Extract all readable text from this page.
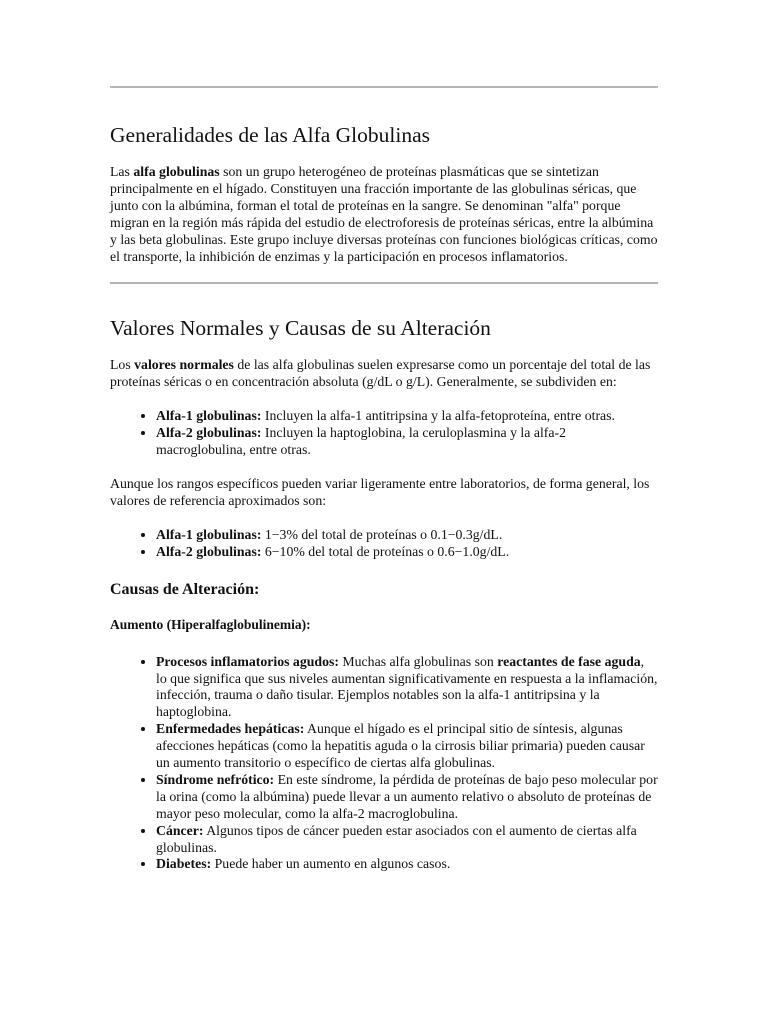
Generalidades de las Alfa Globulinas

Las alfa globulinas son un grupo heterogéneo de proteínas plasmáticas que se sintetizan principalmente en el hígado. Constituyen una fracción importante de las globulinas séricas, que junto con la albúmina, forman el total de proteínas en la sangre. Se denominan "alfa" porque migran en la región más rápida del estudio de electroforesis de proteínas séricas, entre la albúmina y las beta globulinas. Este grupo incluye diversas proteínas con funciones biológicas críticas, como el transporte, la inhibición de enzimas y la participación en procesos inflamatorios.

Valores Normales y Causas de su Alteración

Los valores normales de las alfa globulinas suelen expresarse como un porcentaje del total de las proteínas séricas o en concentración absoluta (g/dL o g/L). Generalmente, se subdividen en:

• Alfa-1 globulinas: Incluyen la alfa-1 antitripsina y la alfa-fetoproteína, entre otras.
• Alfa-2 globulinas: Incluyen la haptoglobina, la ceruloplasmina y la alfa-2 macroglobulina, entre otras.

Aunque los rangos específicos pueden variar ligeramente entre laboratorios, de forma general, los valores de referencia aproximados son:

• Alfa-1 globulinas: 1−3% del total de proteínas o 0.1−0.3g/dL.
• Alfa-2 globulinas: 6−10% del total de proteínas o 0.6−1.0g/dL.
Causas de Alteración:
Aumento (Hiperalfaglobulinemia):
• Procesos inflamatorios agudos: Muchas alfa globulinas son reactantes de fase aguda, lo que significa que sus niveles aumentan significativamente en respuesta a la inflamación, infección, trauma o daño tisular. Ejemplos notables son la alfa-1 antitripsina y la haptoglobina.
• Enfermedades hepáticas: Aunque el hígado es el principal sitio de síntesis, algunas afecciones hepáticas (como la hepatitis aguda o la cirrosis biliar primaria) pueden causar un aumento transitorio o específico de ciertas alfa globulinas.
• Síndrome nefrótico: En este síndrome, la pérdida de proteínas de bajo peso molecular por la orina (como la albúmina) puede llevar a un aumento relativo o absoluto de proteínas de mayor peso molecular, como la alfa-2 macroglobulina.
• Cáncer: Algunos tipos de cáncer pueden estar asociados con el aumento de ciertas alfa globulinas.
• Diabetes: Puede haber un aumento en algunos casos.
